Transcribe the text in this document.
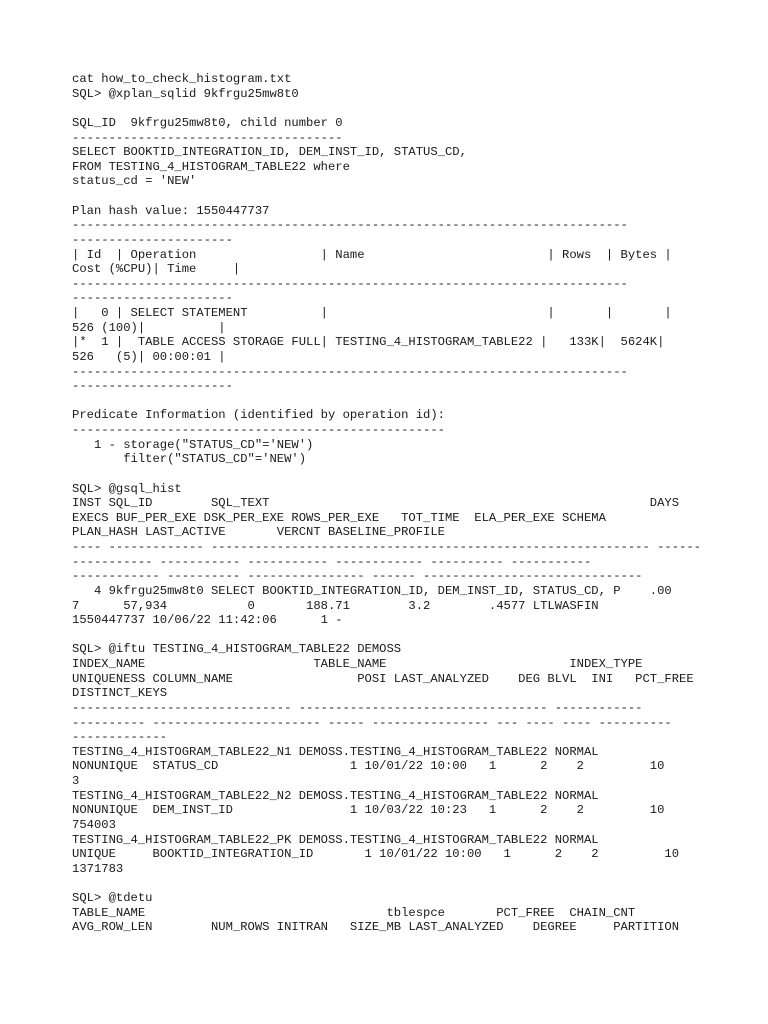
cat how_to_check_histogram.txt
SQL> @xplan_sqlid 9kfrgu25mw8t0
SQL_ID  9kfrgu25mw8t0, child number 0
-------------------------------------
SELECT BOOKTID_INTEGRATION_ID, DEM_INST_ID, STATUS_CD,
FROM TESTING_4_HISTOGRAM_TABLE22 where
status_cd = 'NEW'
Plan hash value: 1550447737
----------------------------------------------------------------------------
----------------------
| Id  | Operation                 | Name                         | Rows  | Bytes |
Cost (%CPU)| Time     |
----------------------------------------------------------------------------
----------------------
|   0 | SELECT STATEMENT          |                              |       |       |
526 (100)|          |
|*  1 |  TABLE ACCESS STORAGE FULL| TESTING_4_HISTOGRAM_TABLE22 |   133K|  5624K|
526   (5)| 00:00:01 |
----------------------------------------------------------------------------
----------------------
Predicate Information (identified by operation id):
---------------------------------------------------
1 - storage("STATUS_CD"='NEW')
filter("STATUS_CD"='NEW')
SQL> @gsql_hist
INST SQL_ID        SQL_TEXT                                                    DAYS
EXECS BUF_PER_EXE DSK_PER_EXE ROWS_PER_EXE   TOT_TIME  ELA_PER_EXE SCHEMA
PLAN_HASH LAST_ACTIVE       VERCNT BASELINE_PROFILE
---- ------------- ------------------------------------------------------------ ------
----------- ----------- ----------- ------------ ---------- -----------
------------ ---------- ---------------- ------ ------------------------------
4 9kfrgu25mw8t0 SELECT BOOKTID_INTEGRATION_ID, DEM_INST_ID, STATUS_CD, P    .00
7      57,934           0       188.71        3.2        .4577 LTLWASFIN
1550447737 10/06/22 11:42:06      1 -
SQL> @iftu TESTING_4_HISTOGRAM_TABLE22 DEMOSS
INDEX_NAME                       TABLE_NAME                         INDEX_TYPE
UNIQUENESS COLUMN_NAME                 POSI LAST_ANALYZED    DEG BLVL  INI   PCT_FREE
DISTINCT_KEYS
------------------------------ ---------------------------------- ------------
---------- ----------------------- ----- ---------------- --- ---- ---- ----------
-------------
TESTING_4_HISTOGRAM_TABLE22_N1 DEMOSS.TESTING_4_HISTOGRAM_TABLE22 NORMAL
NONUNIQUE  STATUS_CD                  1 10/01/22 10:00   1      2    2         10
3
TESTING_4_HISTOGRAM_TABLE22_N2 DEMOSS.TESTING_4_HISTOGRAM_TABLE22 NORMAL
NONUNIQUE  DEM_INST_ID                1 10/03/22 10:23   1      2    2         10
754003
TESTING_4_HISTOGRAM_TABLE22_PK DEMOSS.TESTING_4_HISTOGRAM_TABLE22 NORMAL
UNIQUE     BOOKTID_INTEGRATION_ID       1 10/01/22 10:00   1      2    2         10
1371783
SQL> @tdetu
TABLE_NAME                                 tblespce       PCT_FREE  CHAIN_CNT
AVG_ROW_LEN        NUM_ROWS INITRAN   SIZE_MB LAST_ANALYZED    DEGREE     PARTITION
